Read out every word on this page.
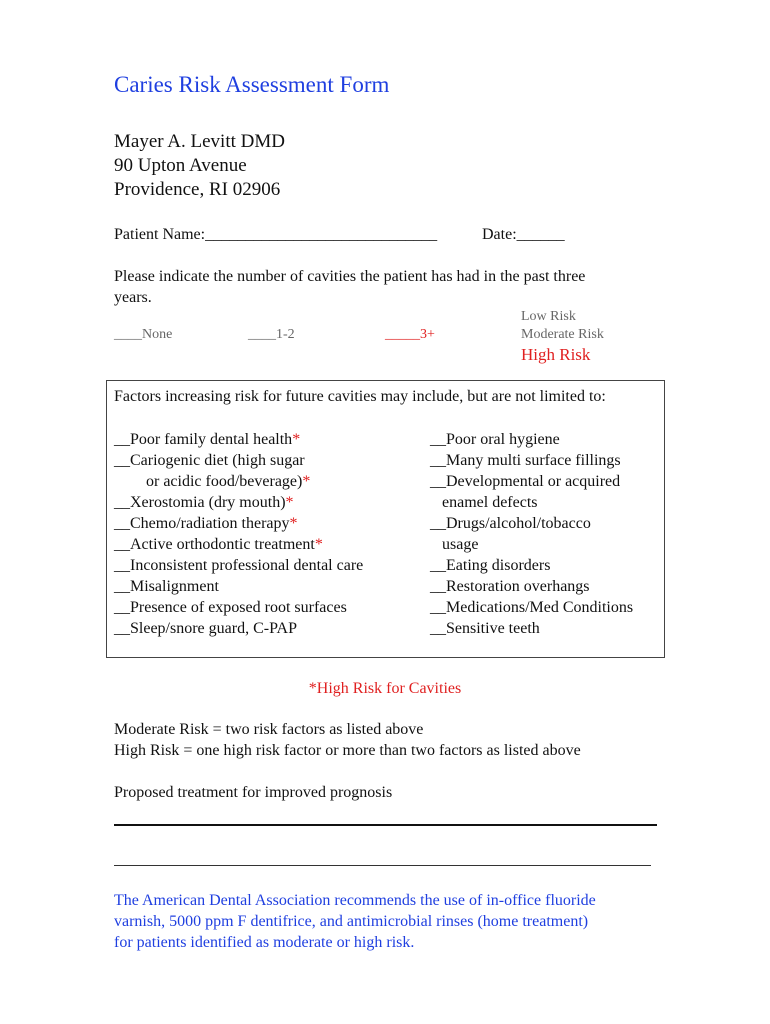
Caries Risk Assessment Form
Mayer A. Levitt DMD
90 Upton Avenue
Providence, RI 02906
Patient Name:_____________________________	Date:______
Please indicate the number of cavities the patient has had in the past three
years.
____None	____1-2	_____3+
Low Risk
Moderate Risk
High Risk
Factors increasing risk for future cavities may include, but are not limited to:
__Poor family dental health*
__Cariogenic diet (high sugar
or acidic food/beverage)*
__Xerostomia (dry mouth)*
__Chemo/radiation therapy*
__Active orthodontic treatment*
__Inconsistent professional dental care
__Misalignment
__Presence of exposed root surfaces
__Sleep/snore guard, C-PAP
__Poor oral hygiene
__Many multi surface fillings
__Developmental or acquired
enamel defects
__Drugs/alcohol/tobacco
usage
__Eating disorders
__Restoration overhangs
__Medications/Med Conditions
__Sensitive teeth
*High Risk for Cavities
Moderate Risk = two risk factors as listed above
High Risk = one high risk factor or more than two factors as listed above
Proposed treatment for improved prognosis
The American Dental Association recommends the use of in-office fluoride
varnish, 5000 ppm F dentifrice, and antimicrobial rinses (home treatment)
for patients identified as moderate or high risk.
